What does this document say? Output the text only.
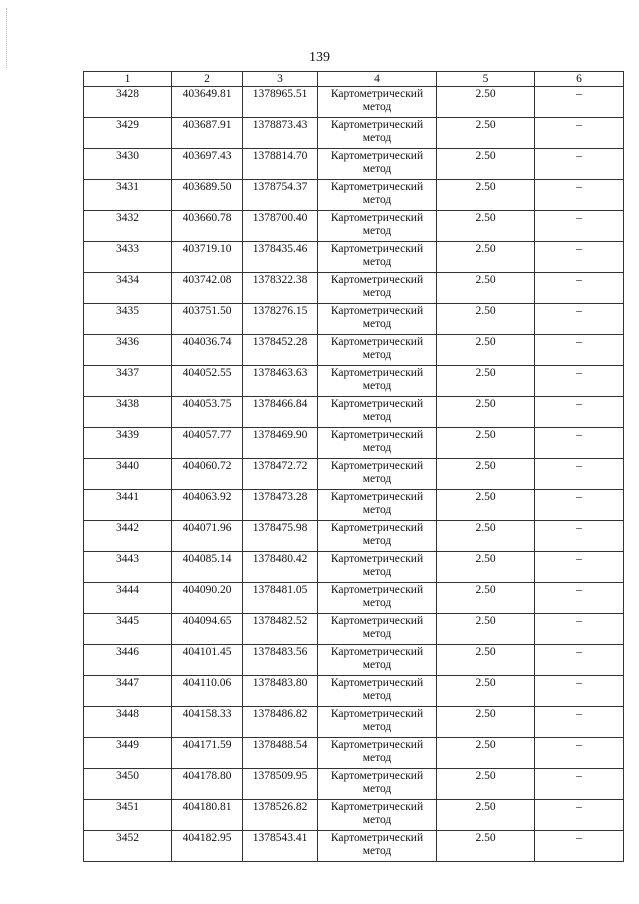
139
1	2	3	4	5	6
3428	403649.81	1378965.51	Картометрический метод	2.50	–
3429	403687.91	1378873.43	Картометрический метод	2.50	–
3430	403697.43	1378814.70	Картометрический метод	2.50	–
3431	403689.50	1378754.37	Картометрический метод	2.50	–
3432	403660.78	1378700.40	Картометрический метод	2.50	–
3433	403719.10	1378435.46	Картометрический метод	2.50	–
3434	403742.08	1378322.38	Картометрический метод	2.50	–
3435	403751.50	1378276.15	Картометрический метод	2.50	–
3436	404036.74	1378452.28	Картометрический метод	2.50	–
3437	404052.55	1378463.63	Картометрический метод	2.50	–
3438	404053.75	1378466.84	Картометрический метод	2.50	–
3439	404057.77	1378469.90	Картометрический метод	2.50	–
3440	404060.72	1378472.72	Картометрический метод	2.50	–
3441	404063.92	1378473.28	Картометрический метод	2.50	–
3442	404071.96	1378475.98	Картометрический метод	2.50	–
3443	404085.14	1378480.42	Картометрический метод	2.50	–
3444	404090.20	1378481.05	Картометрический метод	2.50	–
3445	404094.65	1378482.52	Картометрический метод	2.50	–
3446	404101.45	1378483.56	Картометрический метод	2.50	–
3447	404110.06	1378483.80	Картометрический метод	2.50	–
3448	404158.33	1378486.82	Картометрический метод	2.50	–
3449	404171.59	1378488.54	Картометрический метод	2.50	–
3450	404178.80	1378509.95	Картометрический метод	2.50	–
3451	404180.81	1378526.82	Картометрический метод	2.50	–
3452	404182.95	1378543.41	Картометрический метод	2.50	–
